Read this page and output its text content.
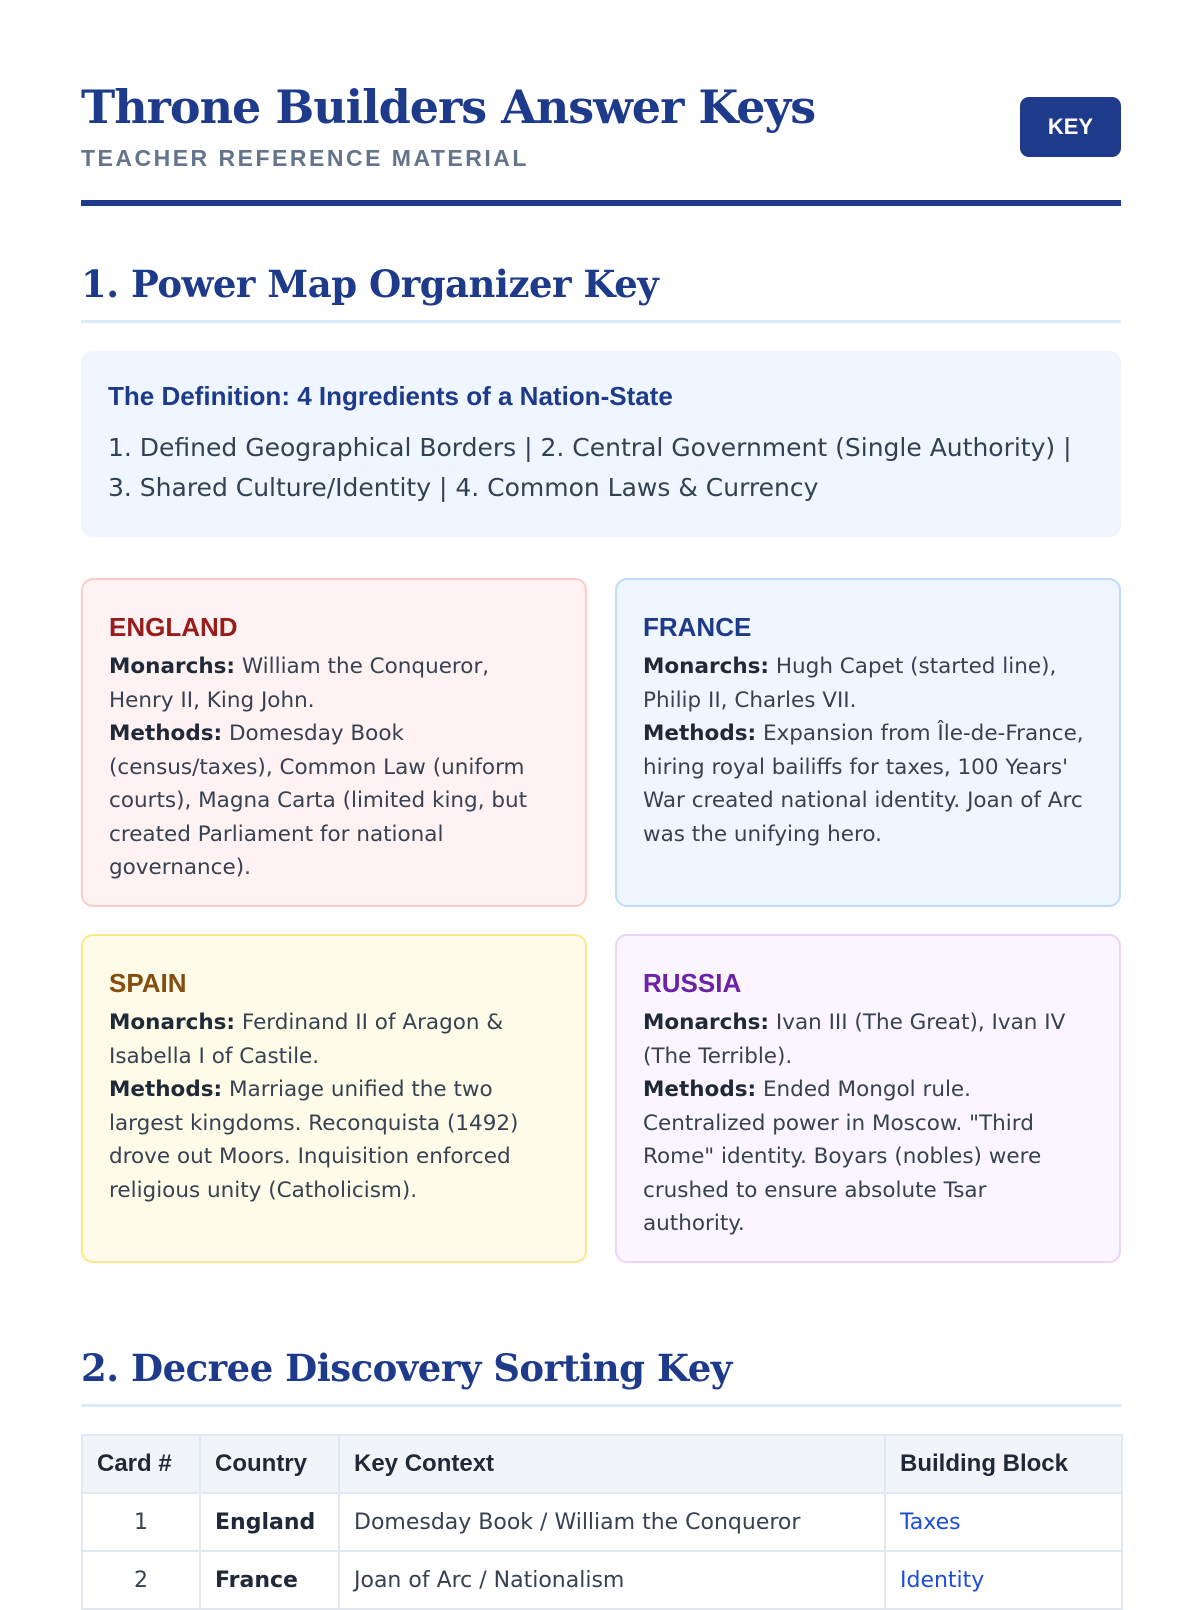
Throne Builders Answer Keys
TEACHER REFERENCE MATERIAL
KEY
1. Power Map Organizer Key

The Definition: 4 Ingredients of a Nation-State

1. Defined Geographical Borders | 2. Central Government (Single Authority) | 3. Shared Culture/Identity | 4. Common Laws & Currency

ENGLAND

Monarchs: William the Conqueror, Henry II, King John.
Methods: Domesday Book (census/taxes), Common Law (uniform courts), Magna Carta (limited king, but created Parliament for national governance).

FRANCE

Monarchs: Hugh Capet (started line), Philip II, Charles VII.
Methods: Expansion from Île-de-France, hiring royal bailiffs for taxes, 100 Years' War created national identity. Joan of Arc was the unifying hero.

SPAIN

Monarchs: Ferdinand II of Aragon & Isabella I of Castile.
Methods: Marriage unified the two largest kingdoms. Reconquista (1492) drove out Moors. Inquisition enforced religious unity (Catholicism).

RUSSIA

Monarchs: Ivan III (The Great), Ivan IV (The Terrible).
Methods: Ended Mongol rule. Centralized power in Moscow. "Third Rome" identity. Boyars (nobles) were crushed to ensure absolute Tsar authority.

2. Decree Discovery Sorting Key
Card #	Country	Key Context	Building Block
1	England	Domesday Book / William the Conqueror	Taxes
2	France	Joan of Arc / Nationalism	Identity
